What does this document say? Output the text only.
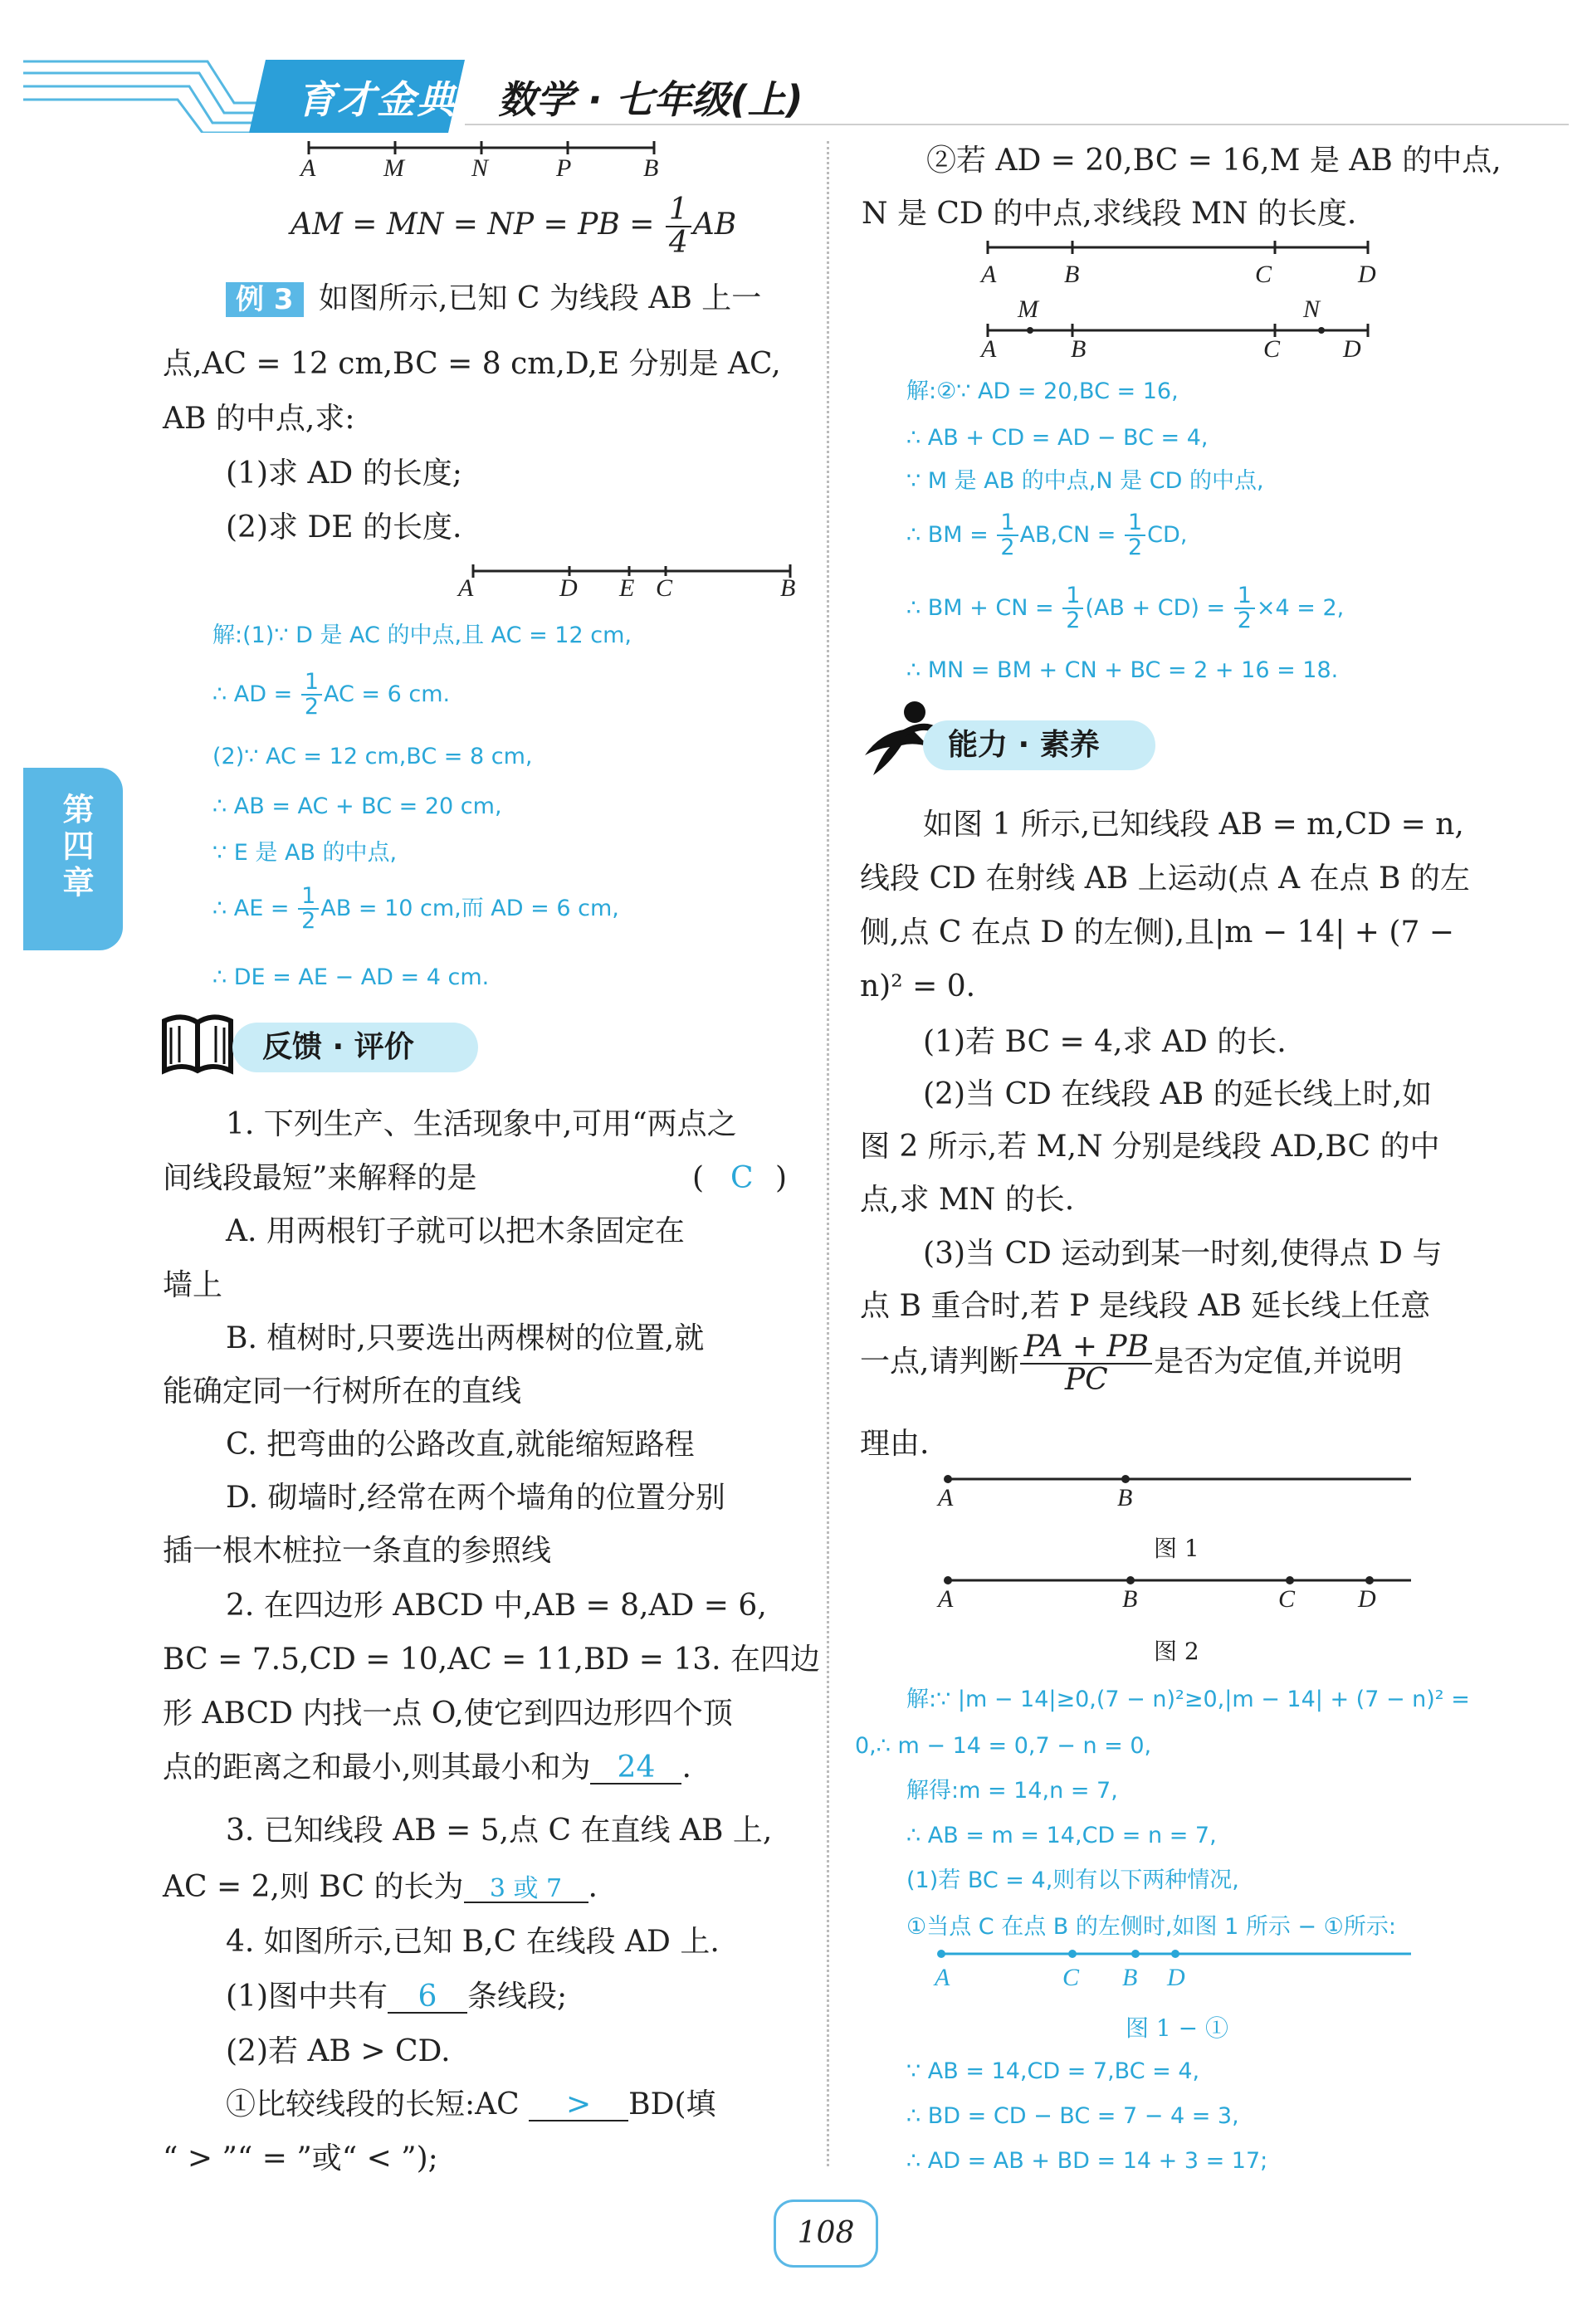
育才金典 数学 · 七年级(上)
第四章
A	M	N	P	B
AM = MN = NP = PB = $\frac{1}{4}$ AB
例 3 如图所示,已知 C 为线段 AB 上一
点,AC = 12 cm,BC = 8 cm,D,E 分别是 AC,
AB 的中点,求:
(1)求 AD 的长度;
(2)求 DE 的长度.
A	D E C	B
解:(1)∵ D 是 AC 的中点,且 AC = 12 cm,
∴ AD = $\frac{1}{2}$ AC = 6 cm.
(2)∵ AC = 12 cm,BC = 8 cm,
∴ AB = AC + BC = 20 cm,
∵ E 是 AB 的中点,
∴ AE = $\frac{1}{2}$ AB = 10 cm,而 AD = 6 cm,
∴ DE = AE − AD = 4 cm.
反馈 · 评价
1. 下列生产、生活现象中,可用“两点之
间线段最短”来解释的是	( C )
A. 用两根钉子就可以把木条固定在
墙上
B. 植树时,只要选出两棵树的位置,就
能确定同一行树所在的直线
C. 把弯曲的公路改直,就能缩短路程
D. 砌墙时,经常在两个墙角的位置分别
插一根木桩拉一条直的参照线
2. 在四边形 ABCD 中,AB = 8,AD = 6,
BC = 7.5,CD = 10,AC = 11,BD = 13. 在四边
形 ABCD 内找一点 O,使它到四边形四个顶
点的距离之和最小,则其最小和为 24 .
3. 已知线段 AB = 5,点 C 在直线 AB 上,
AC = 2,则 BC 的长为 3 或 7 .
4. 如图所示,已知 B,C 在线段 AD 上.
(1)图中共有 6 条线段;
(2)若 AB > CD.
①比较线段的长短:AC > BD(填
“ > ”“ = ”或“ < ”);
②若 AD = 20,BC = 16,M 是 AB 的中点,
N 是 CD 的中点,求线段 MN 的长度.
A	B	C	D
M	N
A	B	C	D
解:②∵ AD = 20,BC = 16,
∴ AB + CD = AD − BC = 4,
∵ M 是 AB 的中点,N 是 CD 的中点,
∴ BM = $\frac{1}{2} AB,CN = \frac{1}{2}$ CD,
∴ BM + CN = $\frac{1}{2} (AB + CD) = \frac{1}{2} \times 4 = 2$,
∴ MN = BM + CN + BC = 2 + 16 = 18.
能力 · 素养
如图 1 所示,已知线段 AB = m,CD = n,
线段 CD 在射线 AB 上运动(点 A 在点 B 的左
侧,点 C 在点 D 的左侧),且|m − 14| + (7 −
n)² = 0.
(1)若 BC = 4,求 AD 的长.
(2)当 CD 在线段 AB 的延长线上时,如
图 2 所示,若 M,N 分别是线段 AD,BC 的中
点,求 MN 的长.
(3)当 CD 运动到某一时刻,使得点 D 与
点 B 重合时,若 P 是线段 AB 延长线上任意
一点,请判断 $\frac{PA + PB}{PC}$ 是否为定值,并说明
理由.
A	B
图 1
A	B	C	D
图 2
解:∵ |m − 14|≥0,(7 − n)²≥0,|m − 14| + (7 − n)² =
0,∴ m − 14 = 0,7 − n = 0,
解得:m = 14,n = 7,
∴ AB = m = 14,CD = n = 7,
(1)若 BC = 4,则有以下两种情况,
①当点 C 在点 B 的左侧时,如图 1 所示 − ①所示:
A	C B D
图 1 − ①
∵ AB = 14,CD = 7,BC = 4,
∴ BD = CD − BC = 7 − 4 = 3,
∴ AD = AB + BD = 14 + 3 = 17;
108
